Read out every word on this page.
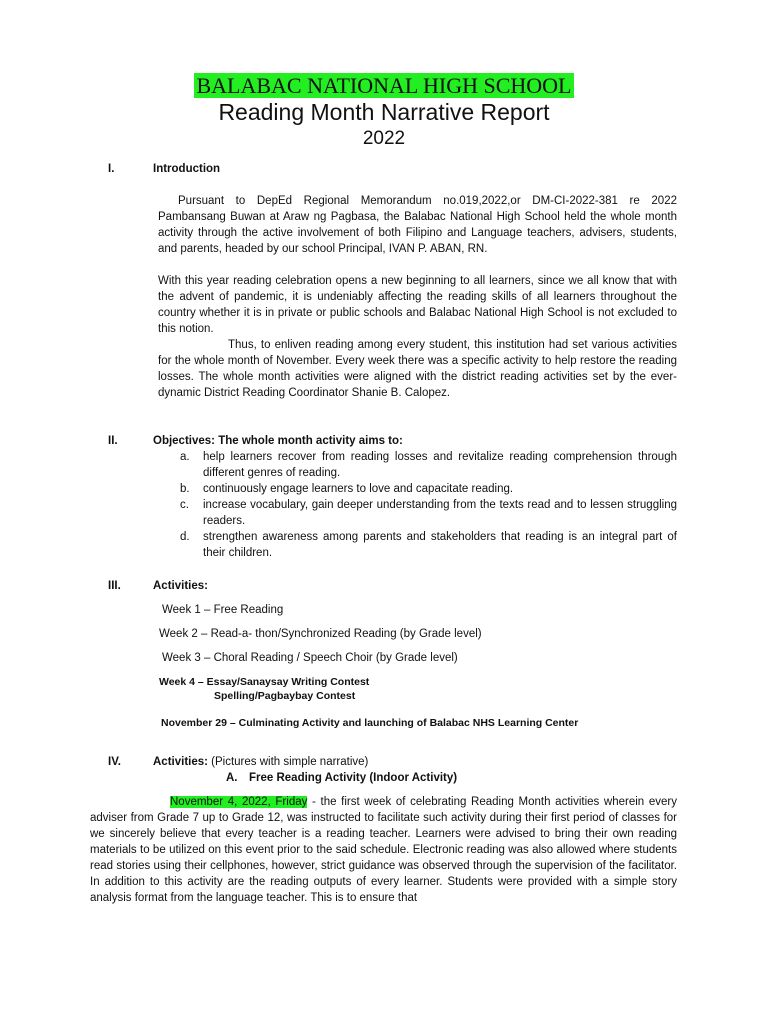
BALABAC NATIONAL HIGH SCHOOL
Reading Month Narrative Report
2022
I.	Introduction

Pursuant to DepEd Regional Memorandum no.019,2022,or DM-CI-2022-381 re 2022 Pambansang Buwan at Araw ng Pagbasa, the Balabac National High School held the whole month activity through the active involvement of both Filipino and Language teachers, advisers, students, and parents, headed by our school Principal, IVAN P. ABAN, RN.

With this year reading celebration opens a new beginning to all learners, since we all know that with the advent of pandemic, it is undeniably affecting the reading skills of all learners throughout the country whether it is in private or public schools and Balabac National High School is not excluded to this notion.

Thus, to enliven reading among every student, this institution had set various activities for the whole month of November. Every week there was a specific activity to help restore the reading losses. The whole month activities were aligned with the district reading activities set by the ever-dynamic District Reading Coordinator Shanie B. Calopez.

II.	Objectives: The whole month activity aims to:
a. help learners recover from reading losses and revitalize reading comprehension through different genres of reading.
b. continuously engage learners to love and capacitate reading.
c. increase vocabulary, gain deeper understanding from the texts read and to lessen struggling readers.
d. strengthen awareness among parents and stakeholders that reading is an integral part of their children.
III.	Activities:
Week 1 – Free Reading
Week 2 – Read-a- thon/Synchronized Reading (by Grade level)
Week 3 – Choral Reading / Speech Choir (by Grade level)
Week 4 – Essay/Sanaysay Writing Contest
Spelling/Pagbaybay Contest
November 29 – Culminating Activity and launching of Balabac NHS Learning Center
IV.	Activities: (Pictures with simple narrative)
A. Free Reading Activity (Indoor Activity)

November 4, 2022, Friday - the first week of celebrating Reading Month activities wherein every adviser from Grade 7 up to Grade 12, was instructed to facilitate such activity during their first period of classes for we sincerely believe that every teacher is a reading teacher. Learners were advised to bring their own reading materials to be utilized on this event prior to the said schedule. Electronic reading was also allowed where students read stories using their cellphones, however, strict guidance was observed through the supervision of the facilitator. In addition to this activity are the reading outputs of every learner. Students were provided with a simple story analysis format from the language teacher. This is to ensure that
